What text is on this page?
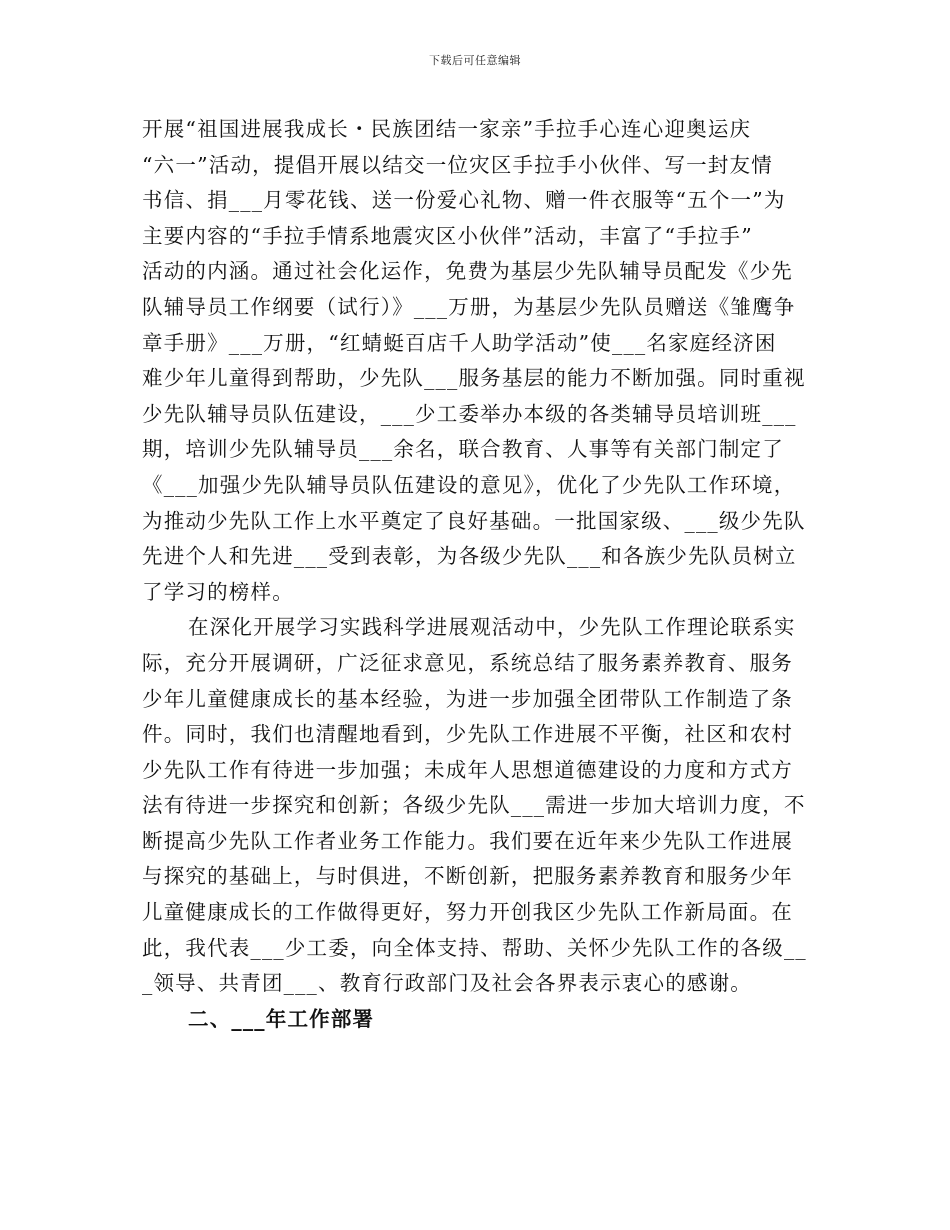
下载后可任意编辑
开展“祖国进展我成长・民族团结一家亲”手拉手心连心迎奥运庆
“六一”活动，提倡开展以结交一位灾区手拉手小伙伴、写一封友情
书信、捐___月零花钱、送一份爱心礼物、赠一件衣服等“五个一”为
主要内容的“手拉手情系地震灾区小伙伴”活动，丰富了“手拉手”
活动的内涵。通过社会化运作，免费为基层少先队辅导员配发《少先
队辅导员工作纲要（试行）》___万册，为基层少先队员赠送《雏鹰争
章手册》___万册，“红蜻蜓百店千人助学活动”使___名家庭经济困
难少年儿童得到帮助，少先队___服务基层的能力不断加强。同时重视
少先队辅导员队伍建设，___少工委举办本级的各类辅导员培训班___
期，培训少先队辅导员___余名，联合教育、人事等有关部门制定了
《___加强少先队辅导员队伍建设的意见》，优化了少先队工作环境，
为推动少先队工作上水平奠定了良好基础。一批国家级、___级少先队
先进个人和先进___受到表彰，为各级少先队___和各族少先队员树立
了学习的榜样。
在深化开展学习实践科学进展观活动中，少先队工作理论联系实
际，充分开展调研，广泛征求意见，系统总结了服务素养教育、服务
少年儿童健康成长的基本经验，为进一步加强全团带队工作制造了条
件。同时，我们也清醒地看到，少先队工作进展不平衡，社区和农村
少先队工作有待进一步加强；未成年人思想道德建设的力度和方式方
法有待进一步探究和创新；各级少先队___需进一步加大培训力度，不
断提高少先队工作者业务工作能力。我们要在近年来少先队工作进展
与探究的基础上，与时俱进，不断创新，把服务素养教育和服务少年
儿童健康成长的工作做得更好，努力开创我区少先队工作新局面。在
此，我代表___少工委，向全体支持、帮助、关怀少先队工作的各级__
_领导、共青团___、教育行政部门及社会各界表示衷心的感谢。
二、___年工作部署
